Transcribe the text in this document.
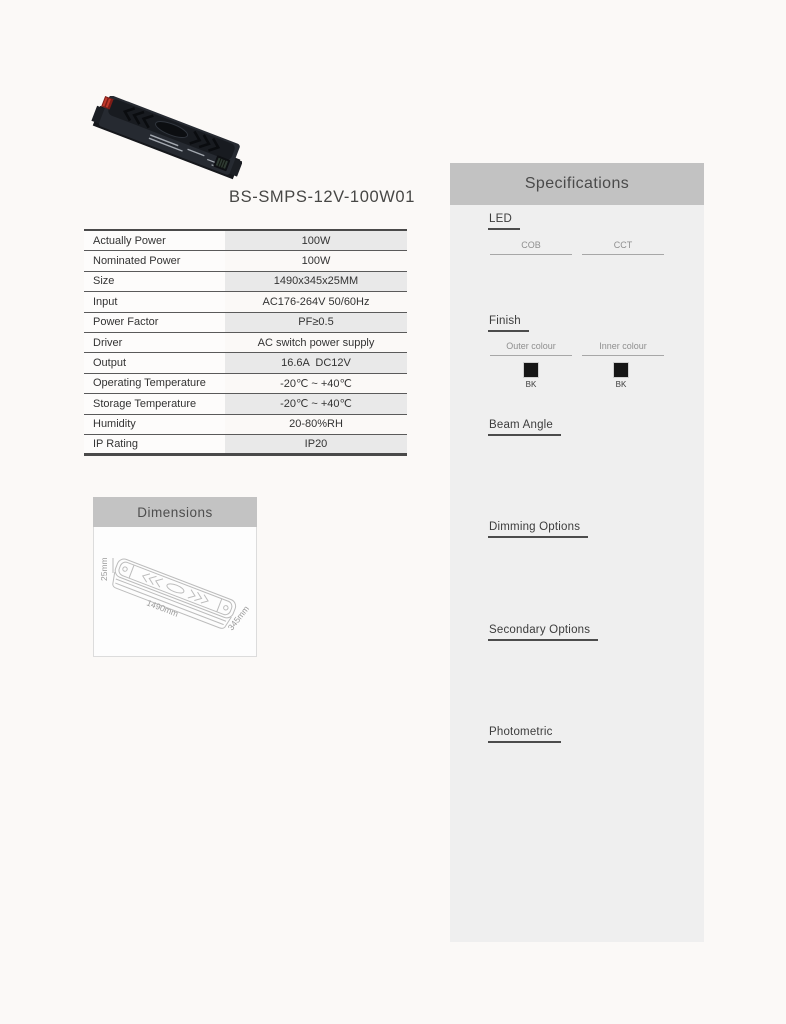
BS-SMPS-12V-100W01
Actually Power	100W
Nominated Power	100W
Size	1490x345x25MM
Input	AC176-264V 50/60Hz
Power Factor	PF≥0.5
Driver	AC switch power supply
Output	16.6A  DC12V
Operating Temperature	-20℃ ~ +40℃
Storage Temperature	-20℃ ~ +40℃
Humidity	20-80%RH
IP Rating	IP20
Dimensions
25mm
1490mm	345mm
Specifications
LED
COB	CCT
Finish
Outer colour	Inner colour
BK	BK
Beam Angle
Dimming Options
Secondary Options
Photometric
